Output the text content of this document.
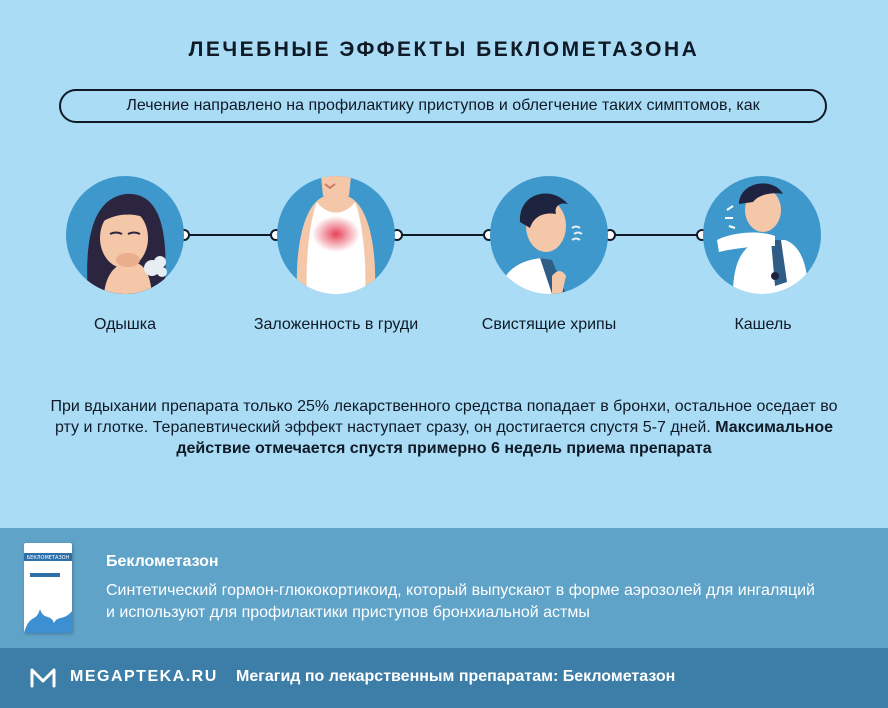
ЛЕЧЕБНЫЕ ЭФФЕКТЫ БЕКЛОМЕТАЗОНА
Лечение направлено на профилактику приступов и облегчение таких симптомов, как
Одышка	Заложенность в груди	Свистящие хрипы	Кашель
При вдыхании препарата только 25% лекарственного средства попадает в бронхи, остальное оседает во рту и глотке. Терапевтический эффект наступает сразу, он достигается спустя 5-7 дней. Максимальное действие отмечается спустя примерно 6 недель приема препарата
БЕКЛОМЕТАЗОН Беклометазон
Синтетический гормон-глюкокортикоид, который выпускают в форме аэрозолей для ингаляций и используют для профилактики приступов бронхиальной астмы
MEGAPTEKA.RU Мегагид по лекарственным препаратам: Беклометазон
